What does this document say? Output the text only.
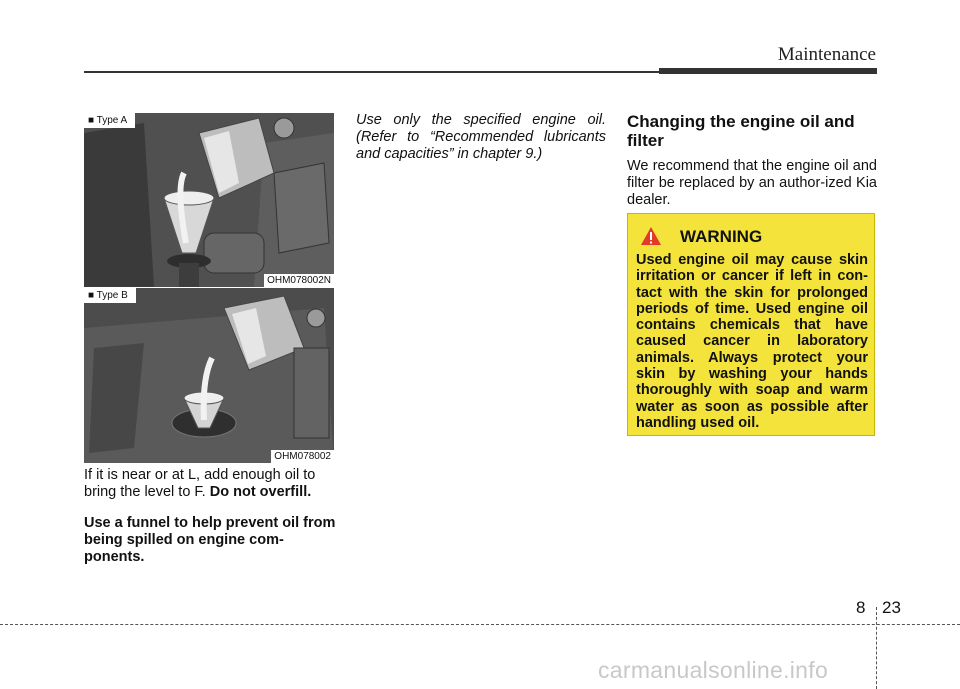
Maintenance
■ Type A
OHM078002N
■ Type B
OHM078002

If it is near or at L, add enough oil to bring the level to F. Do not overfill.

Use a funnel to help prevent oil from being spilled on engine com-ponents.

Use only the specified engine oil. (Refer to “Recommended lubricants and capacities” in chapter 9.)

Changing the engine oil and filter

We recommend that the engine oil and filter be replaced by an author-ized Kia dealer.

WARNING
Used engine oil may cause skin irritation or cancer if left in con-tact with the skin for prolonged periods of time. Used engine oil contains chemicals that have caused cancer in laboratory animals. Always protect your skin by washing your hands thoroughly with soap and warm water as soon as possible after handling used oil.
8 23
carmanualsonline.info
